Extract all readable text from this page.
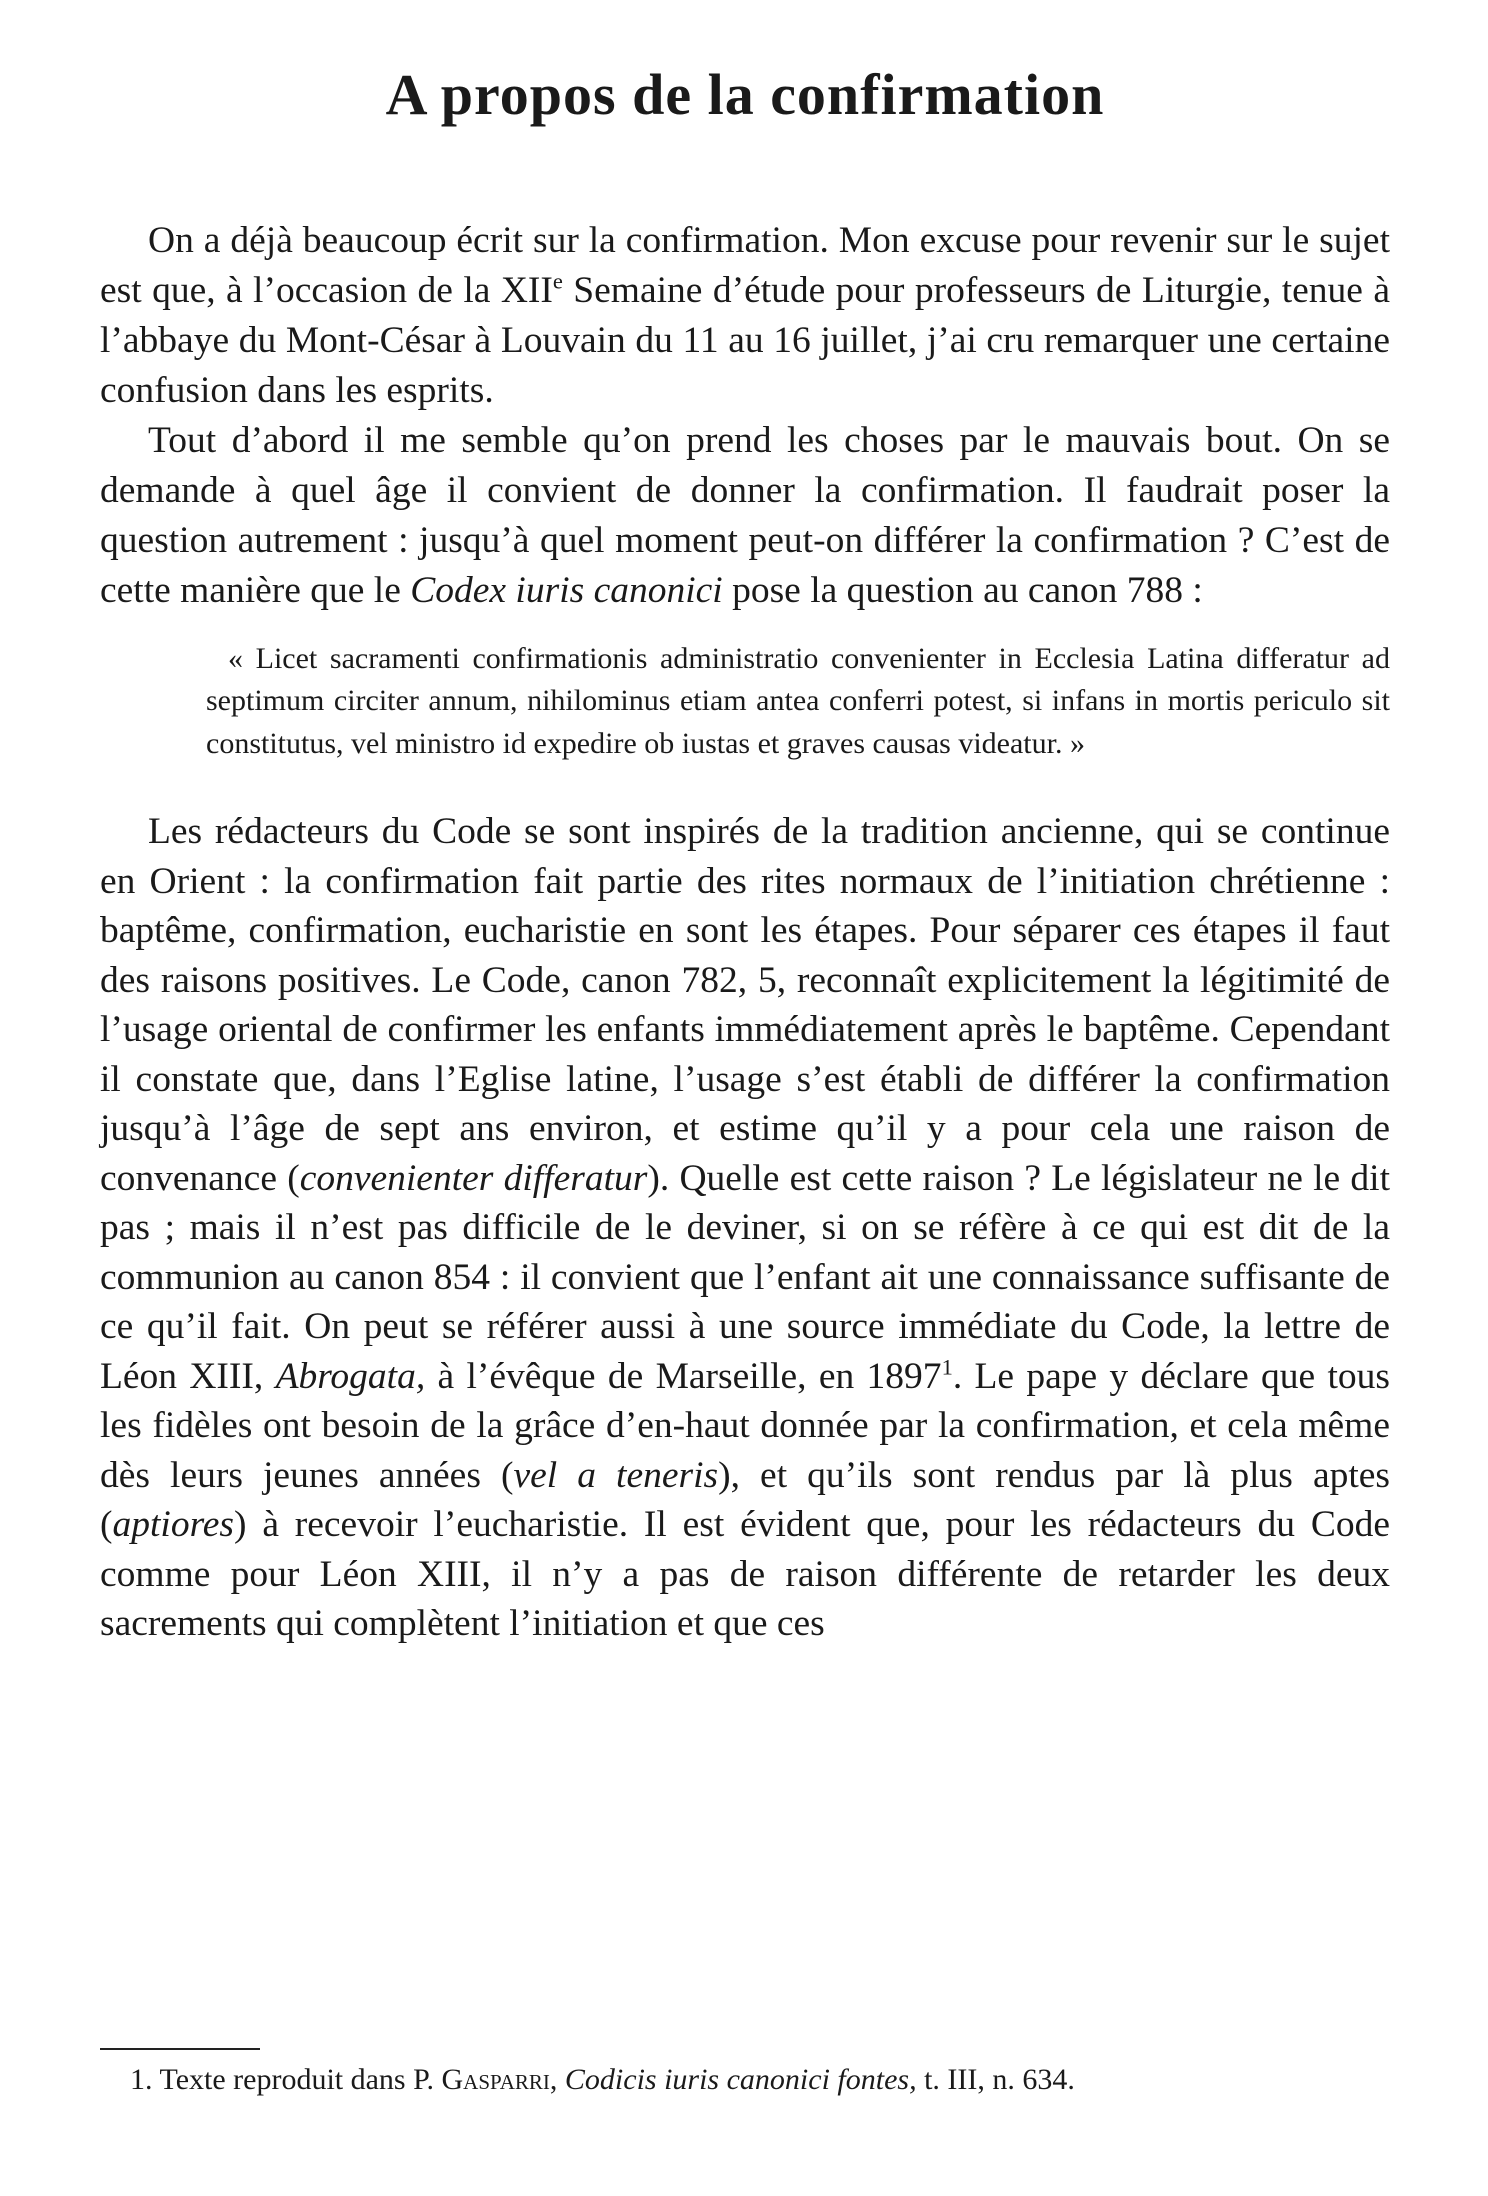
A propos de la confirmation

On a déjà beaucoup écrit sur la confirmation. Mon excuse pour revenir sur le sujet est que, à l’occasion de la XIIe Semaine d’étude pour professeurs de Liturgie, tenue à l’abbaye du Mont-César à Louvain du 11 au 16 juillet, j’ai cru remarquer une certaine confusion dans les esprits.

Tout d’abord il me semble qu’on prend les choses par le mauvais bout. On se demande à quel âge il convient de donner la confirmation. Il faudrait poser la question autrement : jusqu’à quel moment peut-on différer la confirmation ? C’est de cette manière que le Codex iuris canonici pose la question au canon 788 :

« Licet sacramenti confirmationis administratio convenienter in Ecclesia Latina differatur ad septimum circiter annum, nihilominus etiam antea conferri potest, si infans in mortis periculo sit constitutus, vel ministro id expedire ob iustas et graves causas videatur. »

Les rédacteurs du Code se sont inspirés de la tradition ancienne, qui se continue en Orient : la confirmation fait partie des rites normaux de l’initiation chrétienne : baptême, confirmation, eucharistie en sont les étapes. Pour séparer ces étapes il faut des raisons positives. Le Code, canon 782, 5, reconnaît explicitement la légitimité de l’usage oriental de confirmer les enfants immédiatement après le baptême. Cependant il constate que, dans l’Eglise latine, l’usage s’est établi de différer la confirmation jusqu’à l’âge de sept ans environ, et estime qu’il y a pour cela une raison de convenance (convenienter differatur). Quelle est cette raison ? Le législateur ne le dit pas ; mais il n’est pas difficile de le deviner, si on se réfère à ce qui est dit de la communion au canon 854 : il convient que l’enfant ait une connaissance suffisante de ce qu’il fait. On peut se référer aussi à une source immédiate du Code, la lettre de Léon XIII, Abrogata, à l’évêque de Marseille, en 1897$^1$. Le pape y déclare que tous les fidèles ont besoin de la grâce d’en-haut donnée par la confirmation, et cela même dès leurs jeunes années (vel a teneris), et qu’ils sont rendus par là plus aptes (aptiores) à recevoir l’eucharistie. Il est évident que, pour les rédacteurs du Code comme pour Léon XIII, il n’y a pas de raison différente de retarder les deux sacrements qui complètent l’initiation et que ces

1. Texte reproduit dans P. Gasparri, Codicis iuris canonici fontes, t. III, n. 634.
